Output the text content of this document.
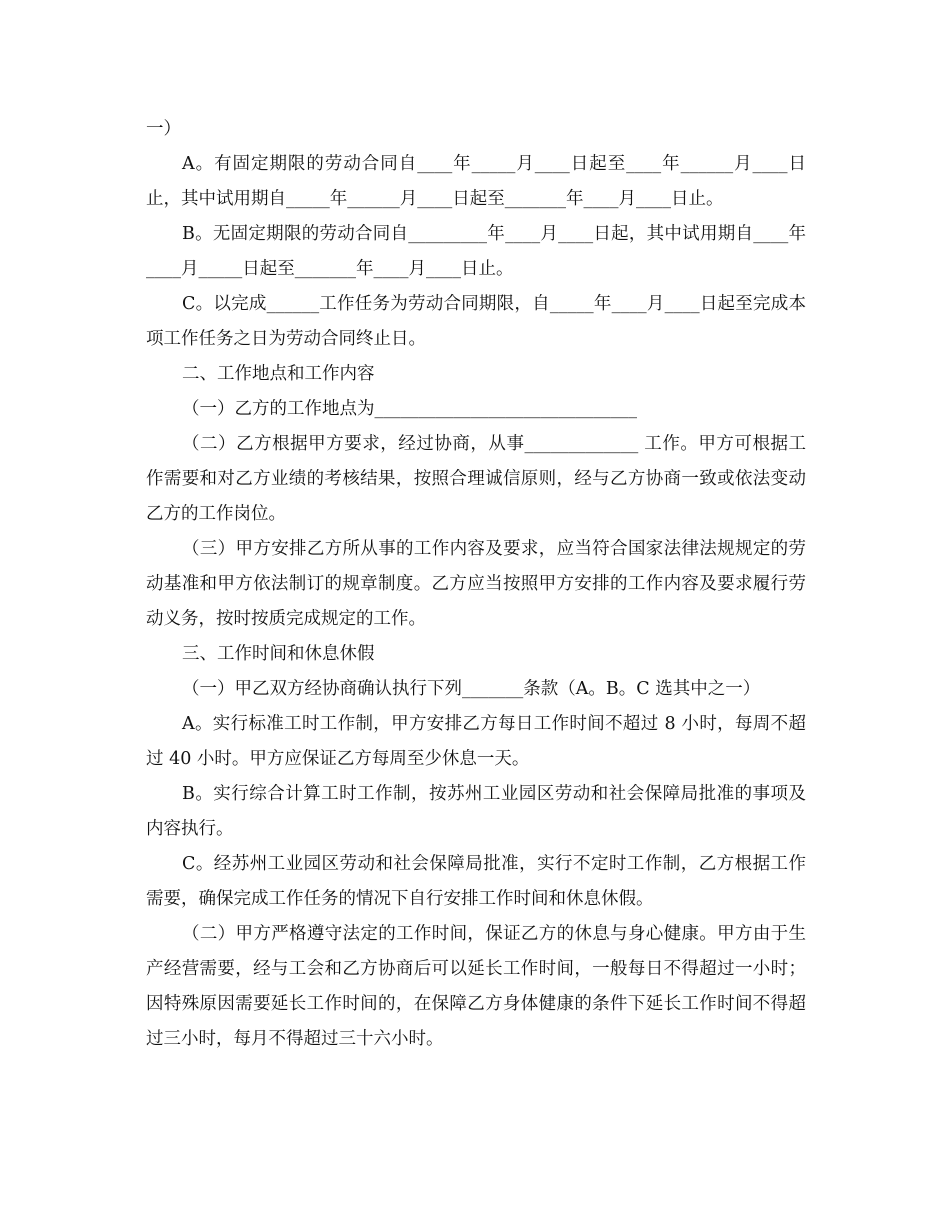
一）

A。有固定期限的劳动合同自____年_____月____日起至____年______月____日止，其中试用期自_____年______月____日起至_______年____月____日止。

B。无固定期限的劳动合同自_________年____月____日起，其中试用期自____年____月_____日起至_______年____月____日止。

C。以完成______工作任务为劳动合同期限，自_____年____月____日起至完成本项工作任务之日为劳动合同终止日。

二、工作地点和工作内容

（一）乙方的工作地点为______________________________

（二）乙方根据甲方要求，经过协商，从事_____________ 工作。甲方可根据工作需要和对乙方业绩的考核结果，按照合理诚信原则，经与乙方协商一致或依法变动乙方的工作岗位。

（三）甲方安排乙方所从事的工作内容及要求，应当符合国家法律法规规定的劳动基准和甲方依法制订的规章制度。乙方应当按照甲方安排的工作内容及要求履行劳动义务，按时按质完成规定的工作。

三、工作时间和休息休假

（一）甲乙双方经协商确认执行下列_______条款（A。B。C 选其中之一）

A。实行标准工时工作制，甲方安排乙方每日工作时间不超过 8 小时，每周不超过 40 小时。甲方应保证乙方每周至少休息一天。

B。实行综合计算工时工作制，按苏州工业园区劳动和社会保障局批准的事项及内容执行。

C。经苏州工业园区劳动和社会保障局批准，实行不定时工作制，乙方根据工作需要，确保完成工作任务的情况下自行安排工作时间和休息休假。

（二）甲方严格遵守法定的工作时间，保证乙方的休息与身心健康。甲方由于生产经营需要，经与工会和乙方协商后可以延长工作时间，一般每日不得超过一小时；因特殊原因需要延长工作时间的，在保障乙方身体健康的条件下延长工作时间不得超过三小时，每月不得超过三十六小时。
